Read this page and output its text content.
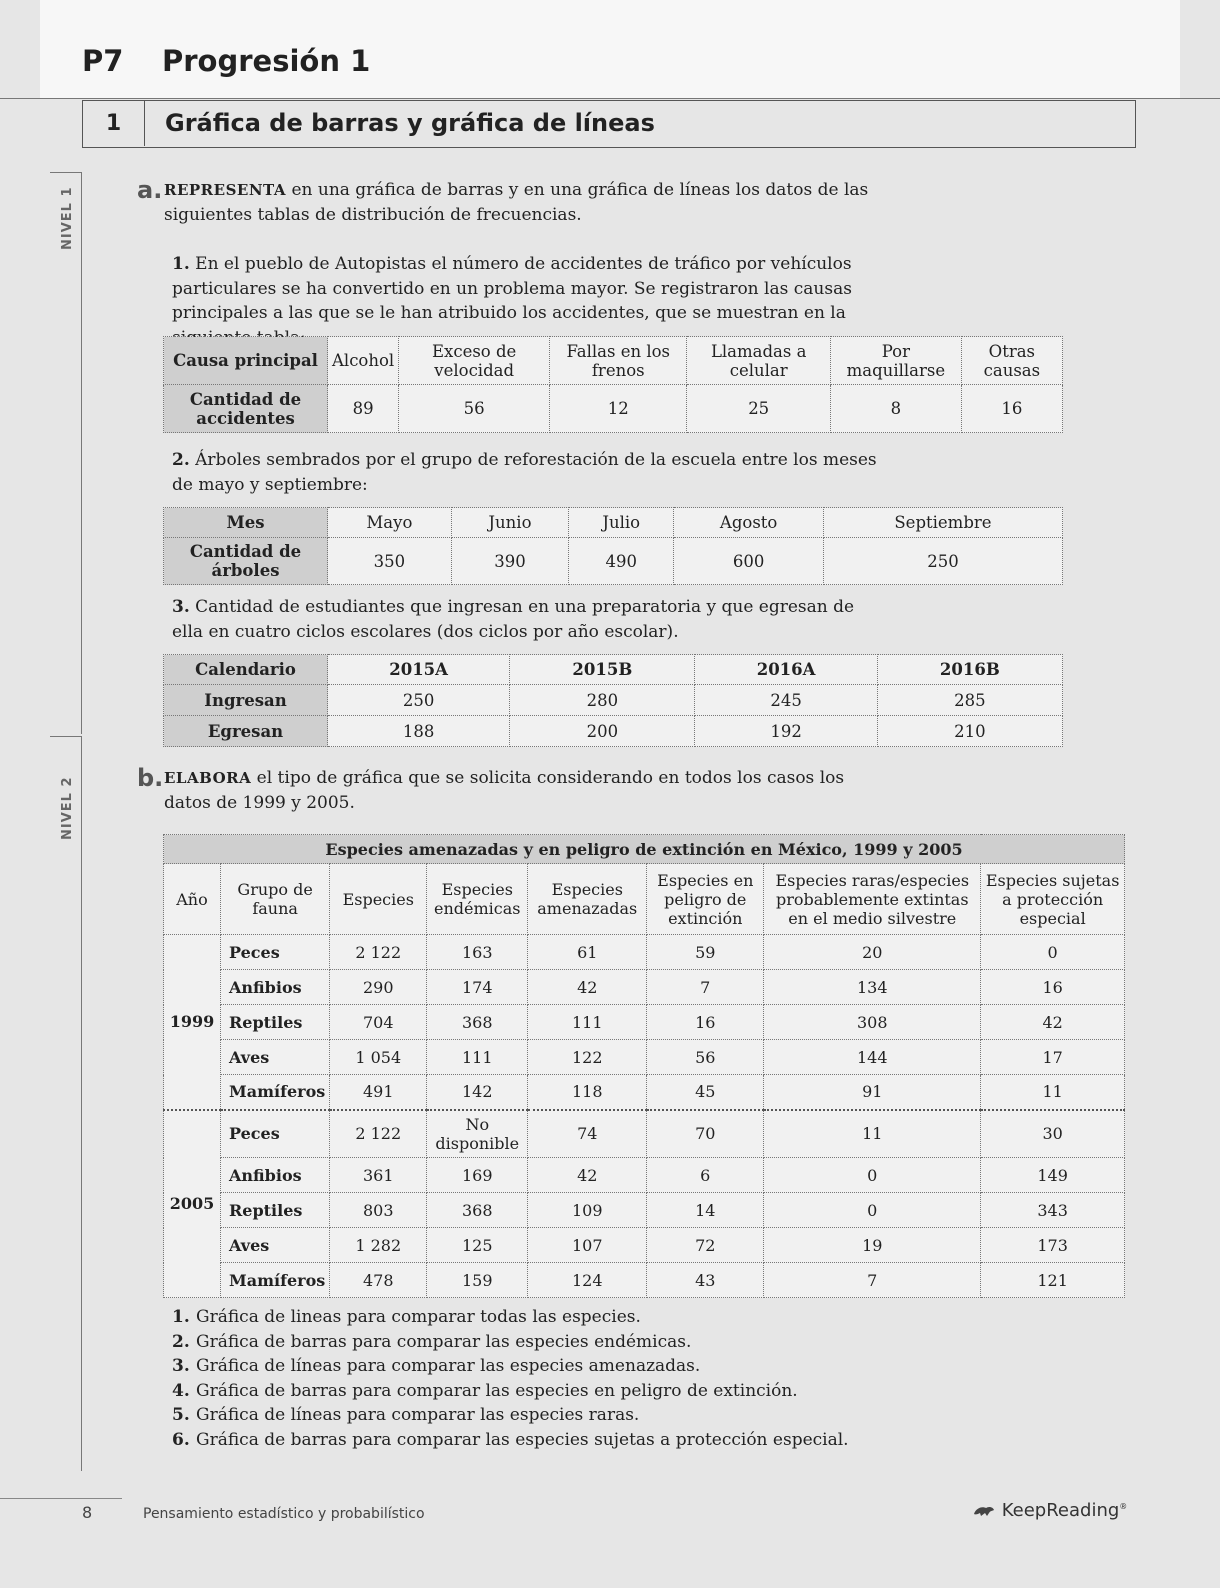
P7 Progresión 1
1	Gráfica de barras y gráfica de líneas
NIVEL 1
NIVEL 2
a. REPRESENTA en una gráfica de barras y en una gráfica de líneas los datos de las siguientes tablas de distribución de frecuencias.
1. En el pueblo de Autopistas el número de accidentes de tráfico por vehículos particulares se ha convertido en un problema mayor. Se registraron las causas principales a las que se le han atribuido los accidentes, que se muestran en la
Causa principal	Alcohol	Exceso de velocidad	Fallas en los frenos	Llamadas a celular	Por maquillarse	Otras causas
Cantidad de accidentes	89	56	12	25	8	16
2. Árboles sembrados por el grupo de reforestación de la escuela entre los meses de mayo y septiembre:
Mes	Mayo	Junio	Julio	Agosto	Septiembre
Cantidad de árboles	350	390	490	600	250
3. Cantidad de estudiantes que ingresan en una preparatoria y que egresan de ella en cuatro ciclos escolares (dos ciclos por año escolar).
Calendario	2015A	2015B	2016A	2016B
Ingresan	250	280	245	285
Egresan	188	200	192	210
b. ELABORA el tipo de gráfica que se solicita considerando en todos los casos los datos de 1999 y 2005.
Especies amenazadas y en peligro de extinción en México, 1999 y 2005							
Año	Grupo de fauna	Especies	Especies endémicas	Especies amenazadas	Especies en peligro de extinción	Especies raras/especies probablemente extintas en el medio silvestre	Especies sujetas a protección especial
1999	Peces	2 122	163	61	59	20	0
	Anfibios	290	174	42	7	134	16
	Reptiles	704	368	111	16	308	42
	Aves	1 054	111	122	56	144	17
	Mamíferos	491	142	118	45	91	11
2005	Peces	2 122	No disponible	74	70	11	30
	Anfibios	361	169	42	6	0	149
	Reptiles	803	368	109	14	0	343
	Aves	1 282	125	107	72	19	173
	Mamíferos	478	159	124	43	7	121
1. Gráfica de lineas para comparar todas las especies.
2. Gráfica de barras para comparar las especies endémicas.
3. Gráfica de líneas para comparar las especies amenazadas.
4. Gráfica de barras para comparar las especies en peligro de extinción.
5. Gráfica de líneas para comparar las especies raras.
6. Gráfica de barras para comparar las especies sujetas a protección especial.
8	Pensamiento estadístico y probabilístico	KeepReading®
